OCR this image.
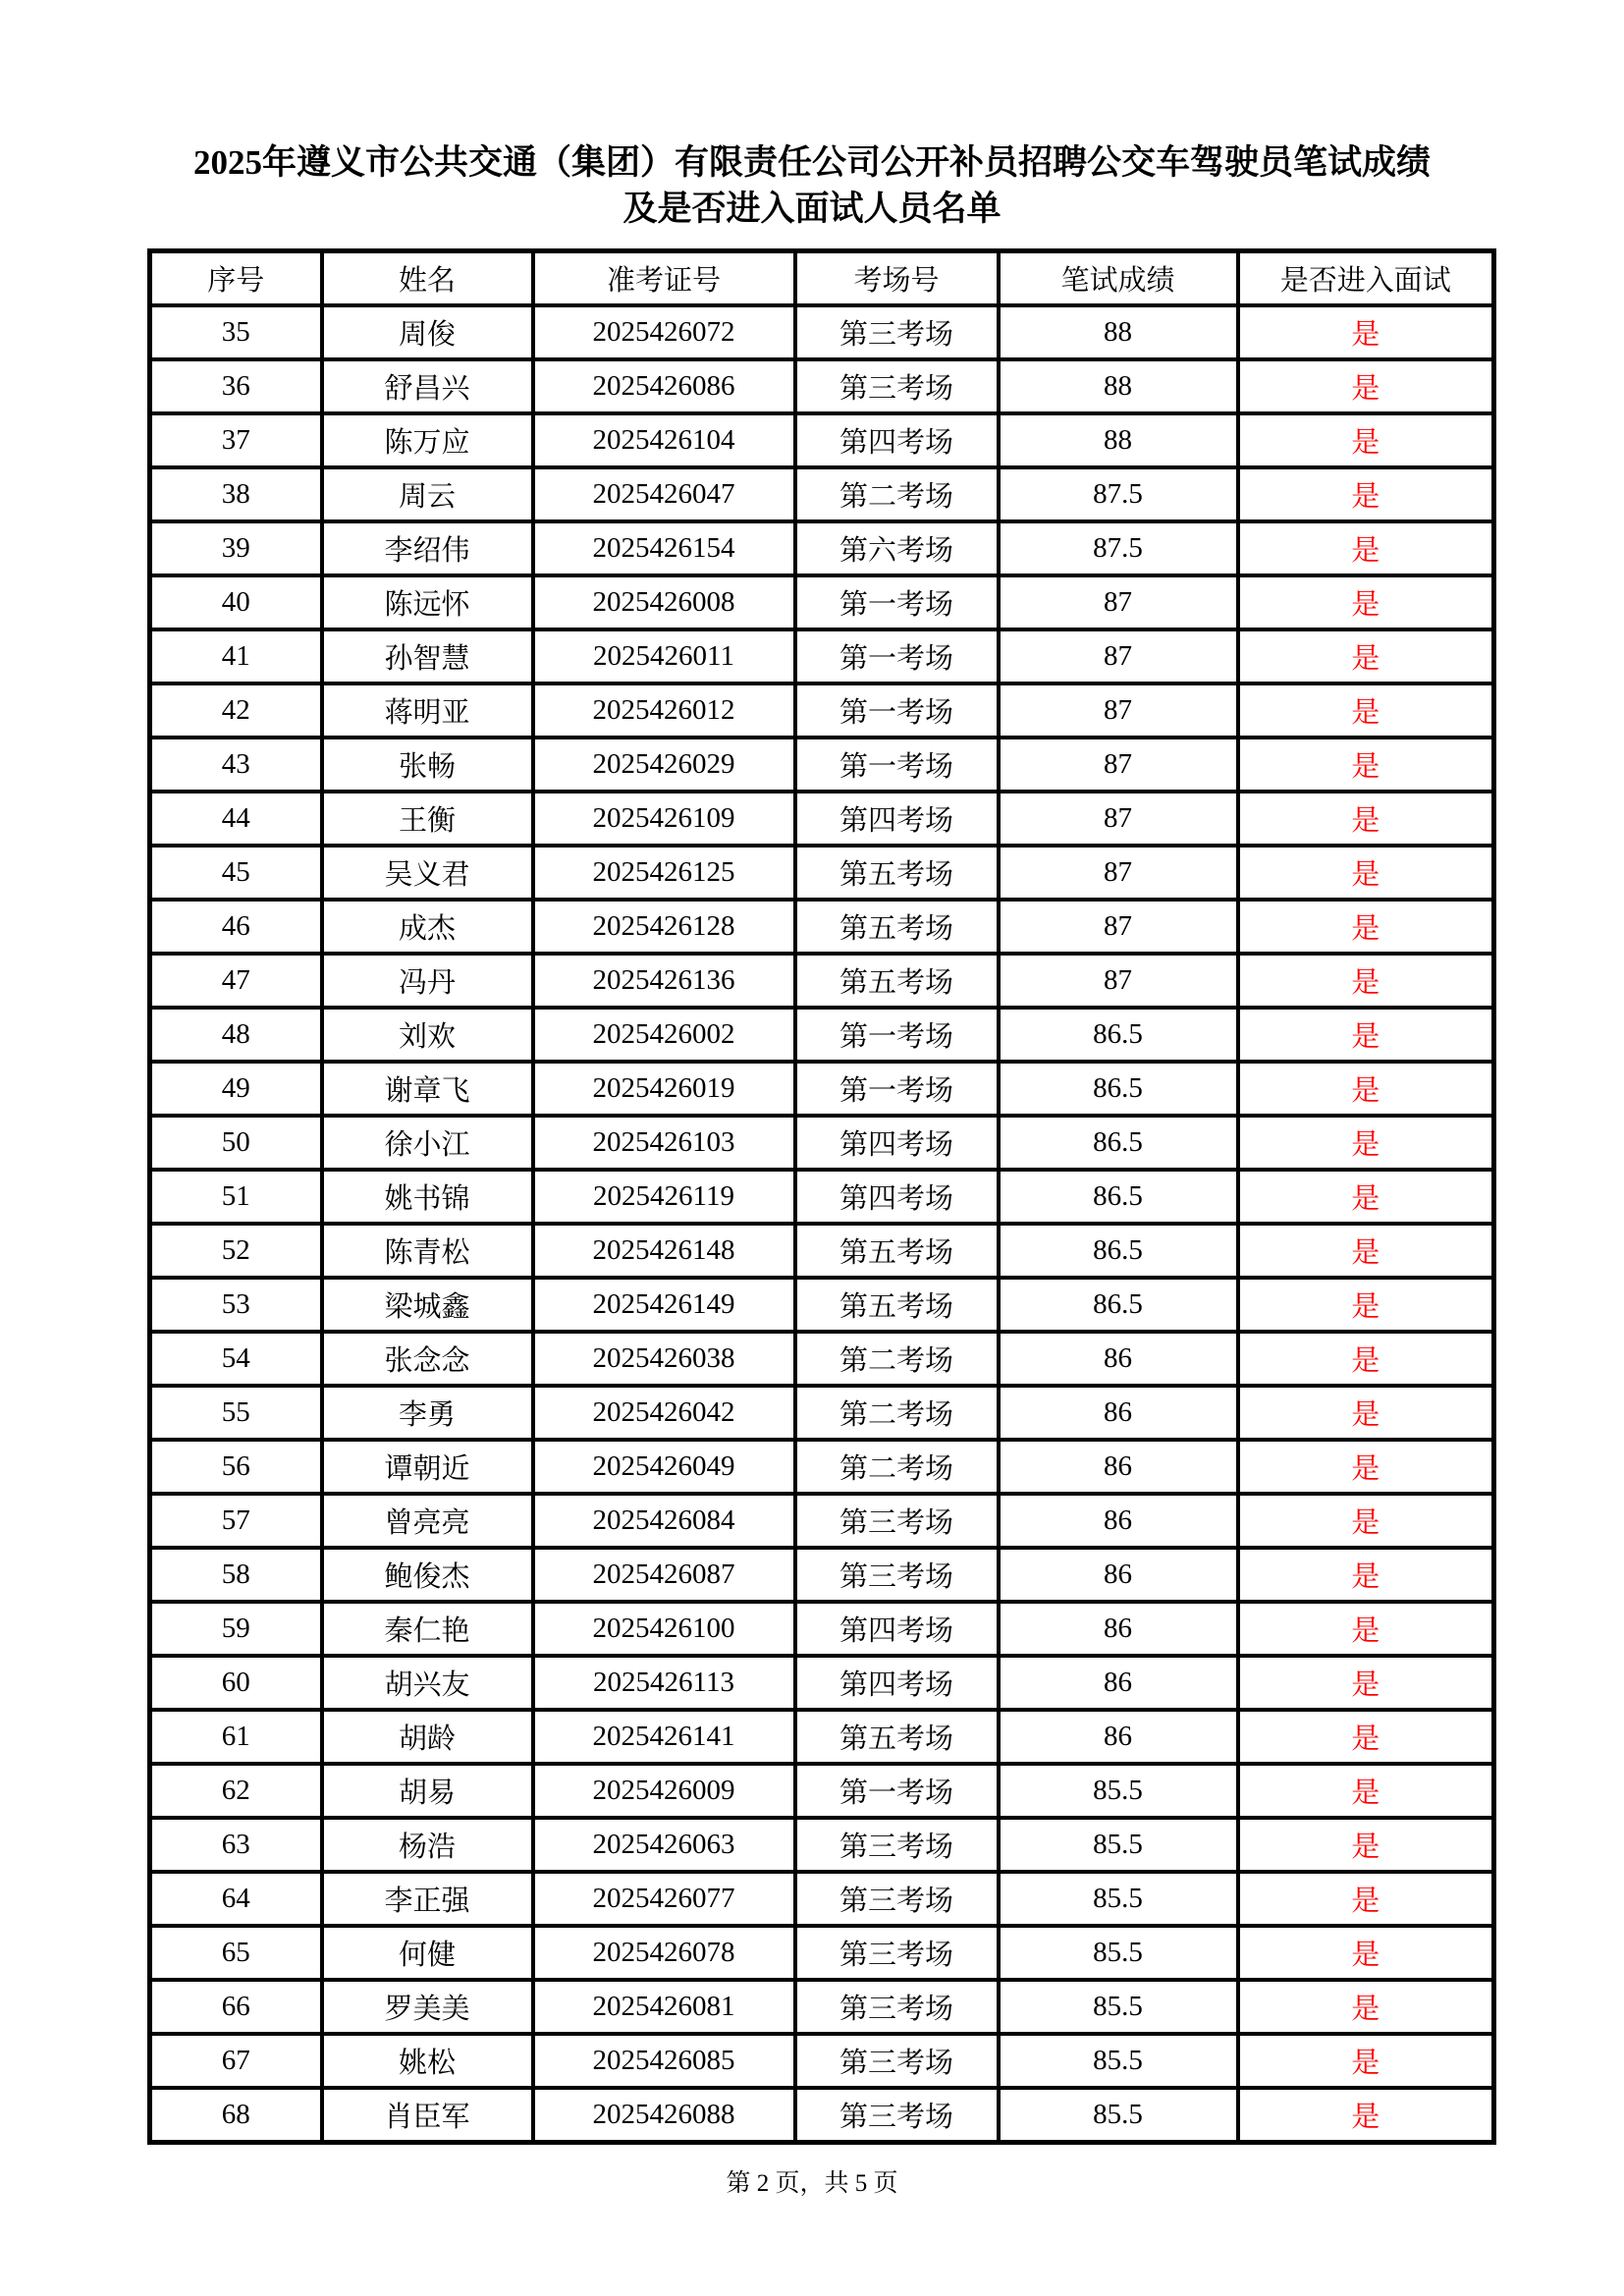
2025年遵义市公共交通（集团）有限责任公司公开补员招聘公交车驾驶员笔试成绩
及是否进入面试人员名单
序号	姓名	准考证号	考场号	笔试成绩	是否进入面试
35	周俊	2025426072	第三考场	88	是
36	舒昌兴	2025426086	第三考场	88	是
37	陈万应	2025426104	第四考场	88	是
38	周云	2025426047	第二考场	87.5	是
39	李绍伟	2025426154	第六考场	87.5	是
40	陈远怀	2025426008	第一考场	87	是
41	孙智慧	2025426011	第一考场	87	是
42	蒋明亚	2025426012	第一考场	87	是
43	张畅	2025426029	第一考场	87	是
44	王衡	2025426109	第四考场	87	是
45	吴义君	2025426125	第五考场	87	是
46	成杰	2025426128	第五考场	87	是
47	冯丹	2025426136	第五考场	87	是
48	刘欢	2025426002	第一考场	86.5	是
49	谢章飞	2025426019	第一考场	86.5	是
50	徐小江	2025426103	第四考场	86.5	是
51	姚书锦	2025426119	第四考场	86.5	是
52	陈青松	2025426148	第五考场	86.5	是
53	梁城鑫	2025426149	第五考场	86.5	是
54	张念念	2025426038	第二考场	86	是
55	李勇	2025426042	第二考场	86	是
56	谭朝近	2025426049	第二考场	86	是
57	曾亮亮	2025426084	第三考场	86	是
58	鲍俊杰	2025426087	第三考场	86	是
59	秦仁艳	2025426100	第四考场	86	是
60	胡兴友	2025426113	第四考场	86	是
61	胡龄	2025426141	第五考场	86	是
62	胡易	2025426009	第一考场	85.5	是
63	杨浩	2025426063	第三考场	85.5	是
64	李正强	2025426077	第三考场	85.5	是
65	何健	2025426078	第三考场	85.5	是
66	罗美美	2025426081	第三考场	85.5	是
67	姚松	2025426085	第三考场	85.5	是
68	肖臣军	2025426088	第三考场	85.5	是
第 2 页，共 5 页
